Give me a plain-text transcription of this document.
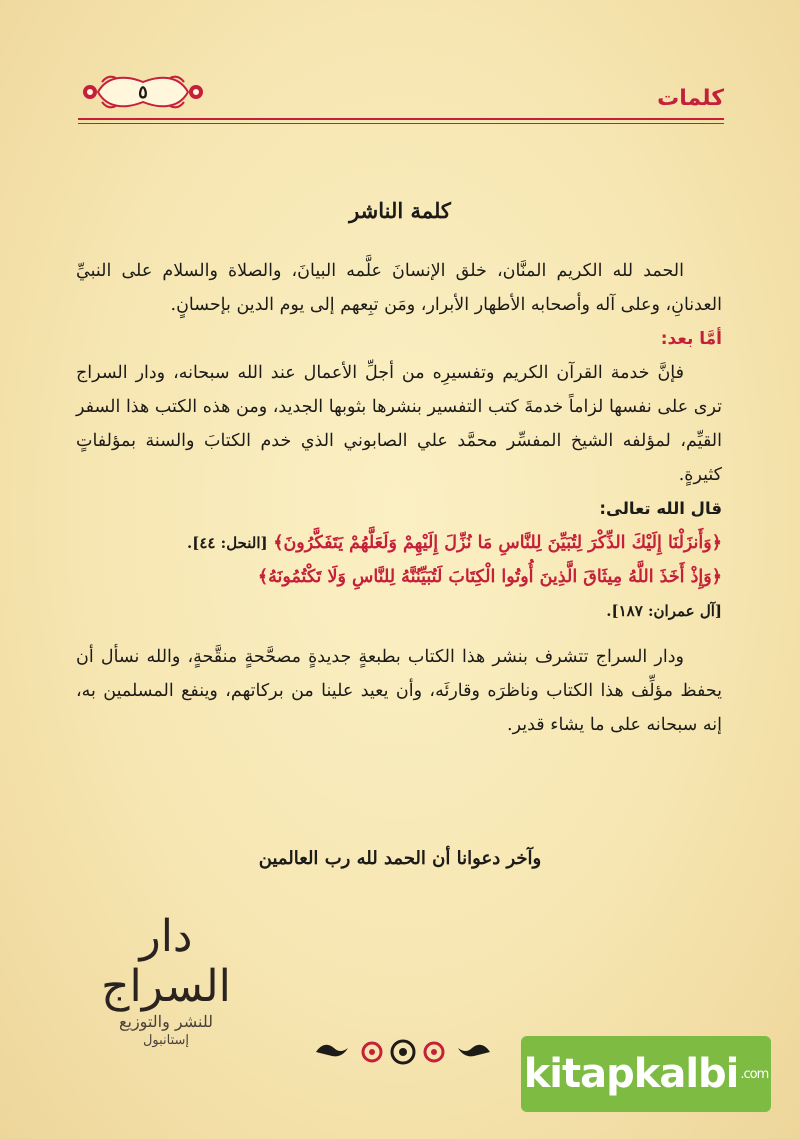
٥	كلمات
كلمة الناشر

الحمد لله الكريم المنَّان، خلق الإنسانَ علَّمه البيانَ، والصلاة والسلام على النبيِّ العدنانِ، وعلى آله وأصحابه الأطهار الأبرار، ومَن تبِعهم إلى يوم الدين بإحسانٍ.

أمَّا بعد:

فإنَّ خدمة القرآن الكريم وتفسيرِه من أجلِّ الأعمال عند الله سبحانه، ودار السراج ترى على نفسها لزاماً خدمةَ كتب التفسير بنشرها بثوبها الجديد، ومن هذه الكتب هذا السفر القيِّم، لمؤلفه الشيخ المفسِّر محمَّد علي الصابوني الذي خدم الكتابَ والسنة بمؤلفاتٍ كثيرةٍ.

قال الله تعالى:

﴿وَأَنزَلْنَا إِلَيْكَ الذِّكْرَ لِتُبَيِّنَ لِلنَّاسِ مَا نُزِّلَ إِلَيْهِمْ وَلَعَلَّهُمْ يَتَفَكَّرُونَ﴾ [النحل: ٤٤].

﴿وَإِذْ أَخَذَ اللَّهُ مِيثَاقَ الَّذِينَ أُوتُوا الْكِتَابَ لَتُبَيِّنُنَّهُ لِلنَّاسِ وَلَا تَكْتُمُونَهُ﴾

[آل عمران: ١٨٧].

ودار السراج تتشرف بنشر هذا الكتاب بطبعةٍ جديدةٍ مصحَّحةٍ منقَّحةٍ، والله نسأل أن يحفظ مؤلِّف هذا الكتاب وناظرَه وقارئَه، وأن يعيد علينا من بركاتهم، وينفع المسلمين به، إنه سبحانه على ما يشاء قدير.

وآخر دعوانا أن الحمد لله رب العالمين
دار السراج
للنشر والتوزيع
إستانبول
kitapkalbi .com
